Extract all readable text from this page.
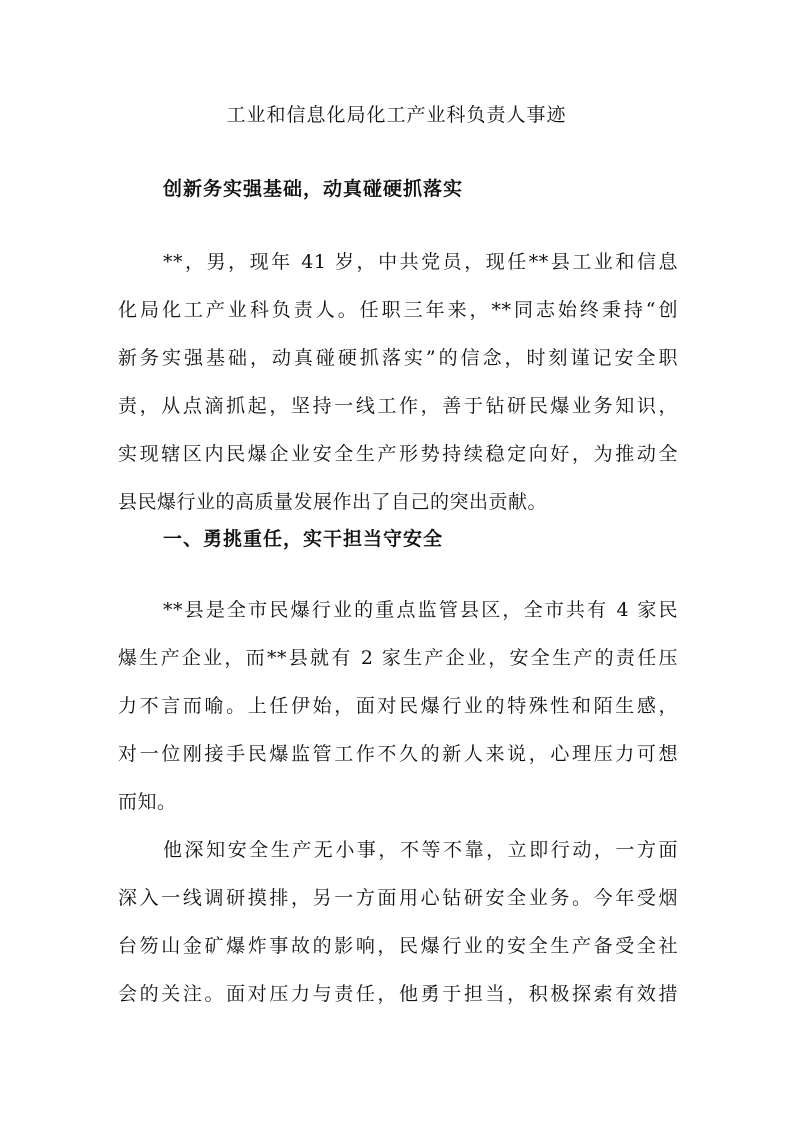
工业和信息化局化工产业科负责人事迹
创新务实强基础，动真碰硬抓落实
**，男，现年 41 岁，中共党员，现任**县工业和信息
化局化工产业科负责人。任职三年来，**同志始终秉持“创
新务实强基础，动真碰硬抓落实”的信念，时刻谨记安全职
责，从点滴抓起，坚持一线工作，善于钻研民爆业务知识，
实现辖区内民爆企业安全生产形势持续稳定向好，为推动全
县民爆行业的高质量发展作出了自己的突出贡献。
一、勇挑重任，实干担当守安全
**县是全市民爆行业的重点监管县区，全市共有 4 家民
爆生产企业，而**县就有 2 家生产企业，安全生产的责任压
力不言而喻。上任伊始，面对民爆行业的特殊性和陌生感，
对一位刚接手民爆监管工作不久的新人来说，心理压力可想
而知。
他深知安全生产无小事，不等不靠，立即行动，一方面
深入一线调研摸排，另一方面用心钻研安全业务。今年受烟
台笏山金矿爆炸事故的影响，民爆行业的安全生产备受全社
会的关注。面对压力与责任，他勇于担当，积极探索有效措
